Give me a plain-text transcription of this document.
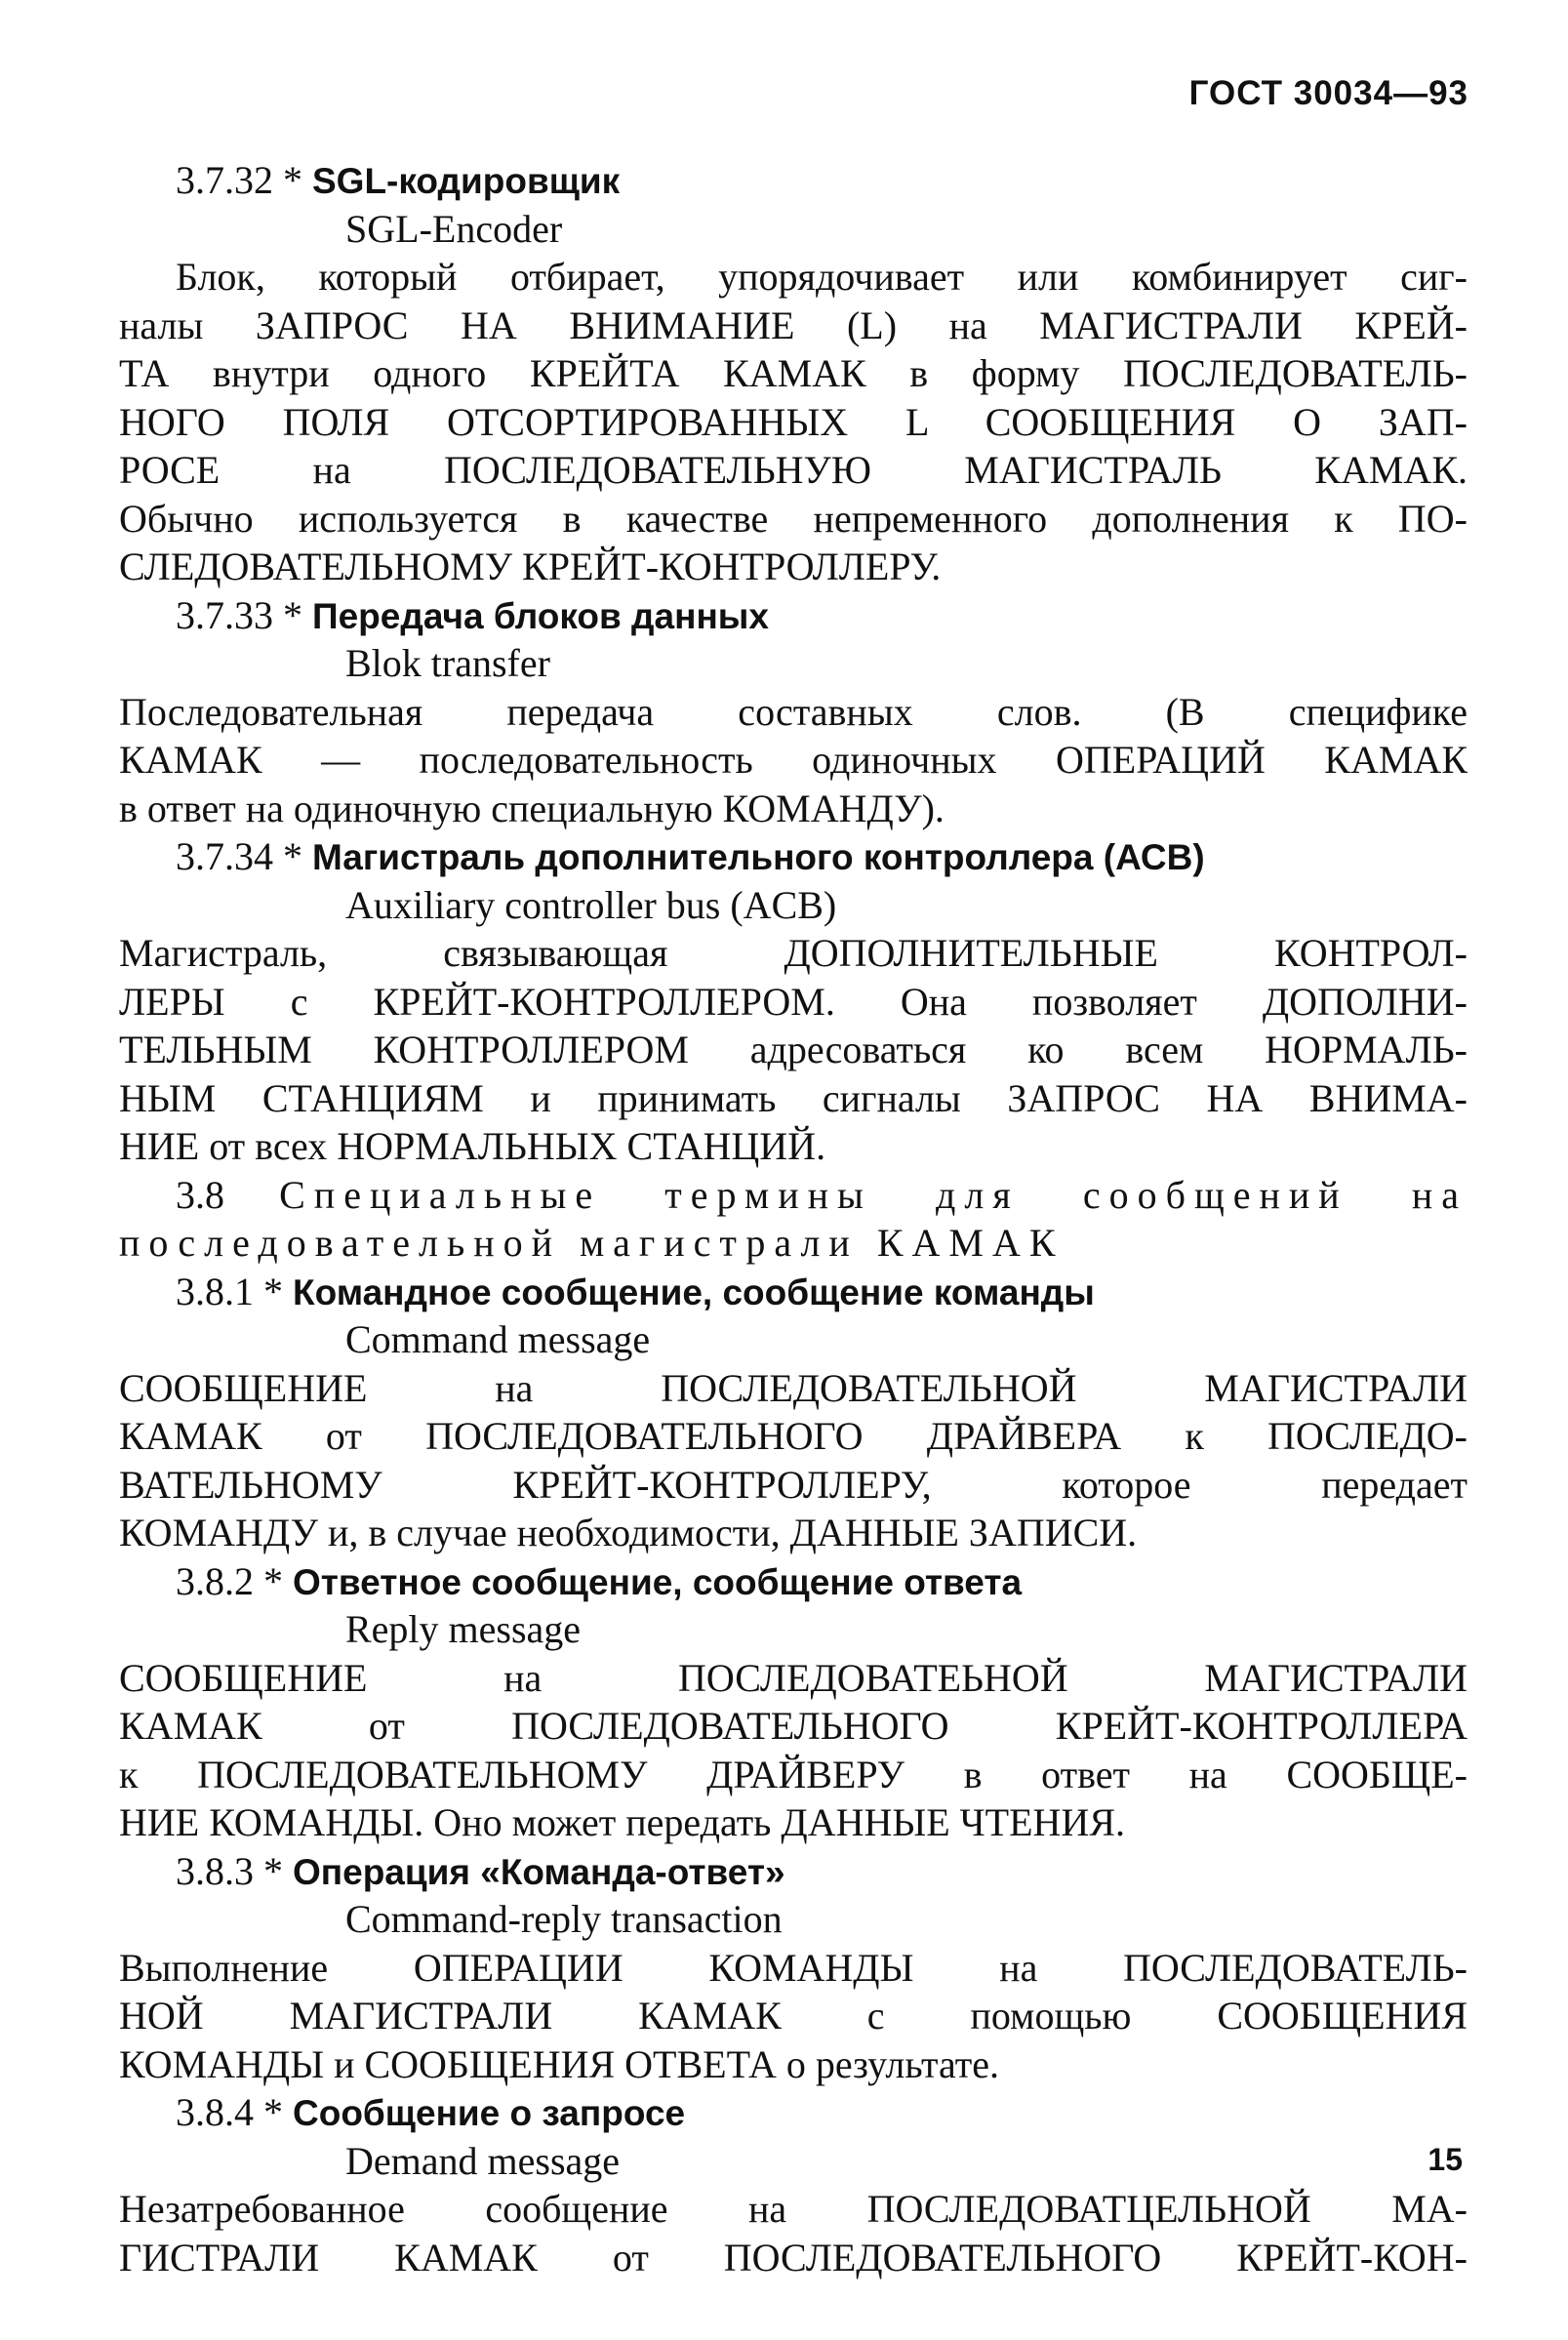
ГОСТ 30034—93
3.7.32 * SGL-кодировщик
SGL-Encoder
Блок, который отбирает, упорядочивает или комбинирует сиг-
налы ЗАПРОС НА ВНИМАНИЕ (L) на МАГИСТРАЛИ КРЕЙ-
ТА внутри одного КРЕЙТА КАМАК в форму ПОСЛЕДОВАТЕЛЬ-
НОГО ПОЛЯ ОТСОРТИРОВАННЫХ L СООБЩЕНИЯ О ЗАП-
РОСЕ на ПОСЛЕДОВАТЕЛЬНУЮ МАГИСТРАЛЬ КАМАК.
Обычно используется в качестве непременного дополнения к ПО-
СЛЕДОВАТЕЛЬНОМУ КРЕЙТ-КОНТРОЛЛЕРУ.
3.7.33 * Передача блоков данных
Blok transfer
Последовательная передача составных слов. (В специфике
КАМАК — последовательность одиночных ОПЕРАЦИЙ КАМАК
в ответ на одиночную специальную КОМАНДУ).
3.7.34 * Магистраль дополнительного контроллера (АСВ)
Auxiliary controller bus (ACB)
Магистраль, связывающая ДОПОЛНИТЕЛЬНЫЕ КОНТРОЛ-
ЛЕРЫ с КРЕЙТ-КОНТРОЛЛЕРОМ. Она позволяет ДОПОЛНИ-
ТЕЛЬНЫМ КОНТРОЛЛЕРОМ адресоваться ко всем НОРМАЛЬ-
НЫМ СТАНЦИЯМ и принимать сигналы ЗАПРОС НА ВНИМА-
НИЕ от всех НОРМАЛЬНЫХ СТАНЦИЙ.
3.8 Специальные термины для сообщений на
последовательной магистрали КАМАК
3.8.1 * Командное сообщение, сообщение команды
Command message
СООБЩЕНИЕ на ПОСЛЕДОВАТЕЛЬНОЙ МАГИСТРАЛИ
КАМАК от ПОСЛЕДОВАТЕЛЬНОГО ДРАЙВЕРА к ПОСЛЕДО-
ВАТЕЛЬНОМУ КРЕЙТ-КОНТРОЛЛЕРУ, которое передает
КОМАНДУ и, в случае необходимости, ДАННЫЕ ЗАПИСИ.
3.8.2 * Ответное сообщение, сообщение ответа
Reply message
СООБЩЕНИЕ на ПОСЛЕДОВАТЕЬНОЙ МАГИСТРАЛИ
КАМАК от ПОСЛЕДОВАТЕЛЬНОГО КРЕЙТ-КОНТРОЛЛЕРА
к ПОСЛЕДОВАТЕЛЬНОМУ ДРАЙВЕРУ в ответ на СООБЩЕ-
НИЕ КОМАНДЫ. Оно может передать ДАННЫЕ ЧТЕНИЯ.
3.8.3 * Операция «Команда-ответ»
Command-reply transaction
Выполнение ОПЕРАЦИИ КОМАНДЫ на ПОСЛЕДОВАТЕЛЬ-
НОЙ МАГИСТРАЛИ КАМАК с помощью СООБЩЕНИЯ
КОМАНДЫ и СООБЩЕНИЯ ОТВЕТА о результате.
3.8.4 * Сообщение о запросе
Demand message
Незатребованное сообщение на ПОСЛЕДОВАТЦЕЛЬНОЙ МА-
ГИСТРАЛИ КАМАК от ПОСЛЕДОВАТЕЛЬНОГО КРЕЙТ-КОН-
15
